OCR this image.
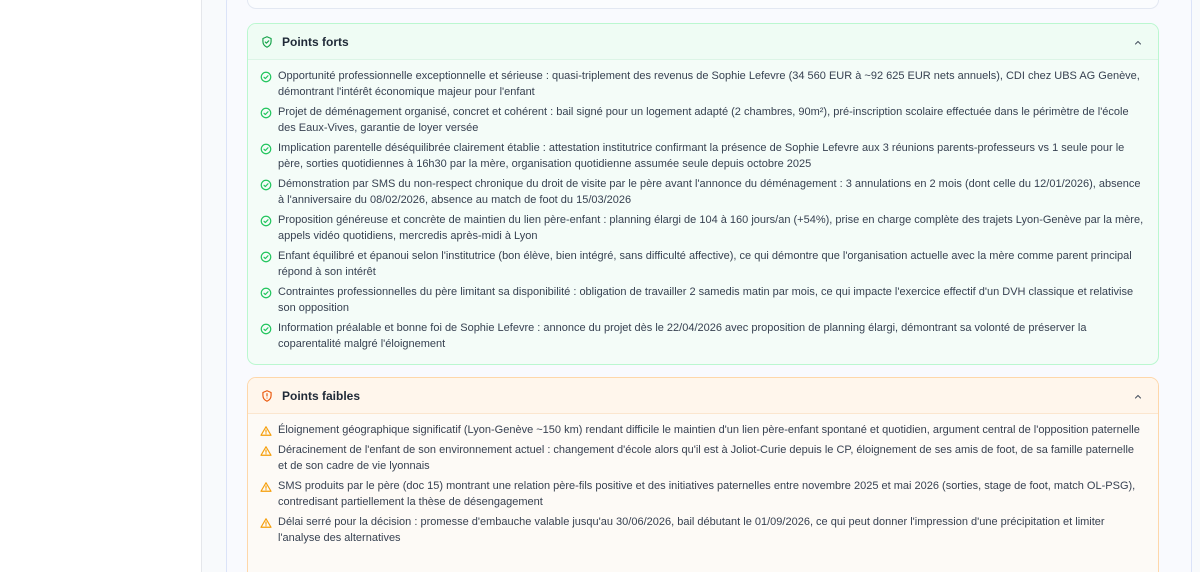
Points forts
Opportunité professionnelle exceptionnelle et sérieuse : quasi-triplement des revenus de Sophie Lefevre (34 560 EUR à ~92 625 EUR nets annuels), CDI chez UBS AG Genève, démontrant l'intérêt économique majeur pour l'enfant
Projet de déménagement organisé, concret et cohérent : bail signé pour un logement adapté (2 chambres, 90m²), pré-inscription scolaire effectuée dans le périmètre de l'école des Eaux-Vives, garantie de loyer versée
Implication parentelle déséquilibrée clairement établie : attestation institutrice confirmant la présence de Sophie Lefevre aux 3 réunions parents-professeurs vs 1 seule pour le père, sorties quotidiennes à 16h30 par la mère, organisation quotidienne assumée seule depuis octobre 2025
Démonstration par SMS du non-respect chronique du droit de visite par le père avant l'annonce du déménagement : 3 annulations en 2 mois (dont celle du 12/01/2026), absence à l'anniversaire du 08/02/2026, absence au match de foot du 15/03/2026
Proposition généreuse et concrète de maintien du lien père-enfant : planning élargi de 104 à 160 jours/an (+54%), prise en charge complète des trajets Lyon-Genève par la mère, appels vidéo quotidiens, mercredis après-midi à Lyon
Enfant équilibré et épanoui selon l'institutrice (bon élève, bien intégré, sans difficulté affective), ce qui démontre que l'organisation actuelle avec la mère comme parent principal répond à son intérêt
Contraintes professionnelles du père limitant sa disponibilité : obligation de travailler 2 samedis matin par mois, ce qui impacte l'exercice effectif d'un DVH classique et relativise son opposition
Information préalable et bonne foi de Sophie Lefevre : annonce du projet dès le 22/04/2026 avec proposition de planning élargi, démontrant sa volonté de préserver la coparentalité malgré l'éloignement
Points faibles
Éloignement géographique significatif (Lyon-Genève ~150 km) rendant difficile le maintien d'un lien père-enfant spontané et quotidien, argument central de l'opposition paternelle
Déracinement de l'enfant de son environnement actuel : changement d'école alors qu'il est à Joliot-Curie depuis le CP, éloignement de ses amis de foot, de sa famille paternelle et de son cadre de vie lyonnais
SMS produits par le père (doc 15) montrant une relation père-fils positive et des initiatives paternelles entre novembre 2025 et mai 2026 (sorties, stage de foot, match OL-PSG), contredisant partiellement la thèse de désengagement
Délai serré pour la décision : promesse d'embauche valable jusqu'au 30/06/2026, bail débutant le 01/09/2026, ce qui peut donner l'impression d'une précipitation et limiter l'analyse des alternatives
